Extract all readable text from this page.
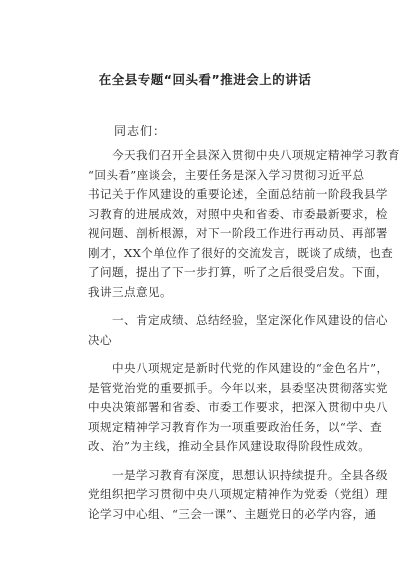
在全县专题“回头看”推进会上的讲话
同志们：
　　今天我们召开全县深入贯彻中央八项规定精神学习教育
“回头看”座谈会，主要任务是深入学习贯彻习近平总
书记关于作风建设的重要论述，全面总结前一阶段我县学
习教育的进展成效，对照中央和省委、市委最新要求，检
视问题、剖析根源，对下一阶段工作进行再动员、再部署
刚才，XX个单位作了很好的交流发言，既谈了成绩，也查
了问题，提出了下一步打算，听了之后很受启发。下面，
我讲三点意见。
　　一、肯定成绩、总结经验，坚定深化作风建设的信心
决心
　　中央八项规定是新时代党的作风建设的“金色名片”，
是管党治党的重要抓手。今年以来，县委坚决贯彻落实党
中央决策部署和省委、市委工作要求，把深入贯彻中央八
项规定精神学习教育作为一项重要政治任务，以“学、查
改、治”为主线，推动全县作风建设取得阶段性成效。
　　一是学习教育有深度，思想认识持续提升。全县各级
党组织把学习贯彻中央八项规定精神作为党委（党组）理
论学习中心组、“三会一课”、主题党日的必学内容，通
